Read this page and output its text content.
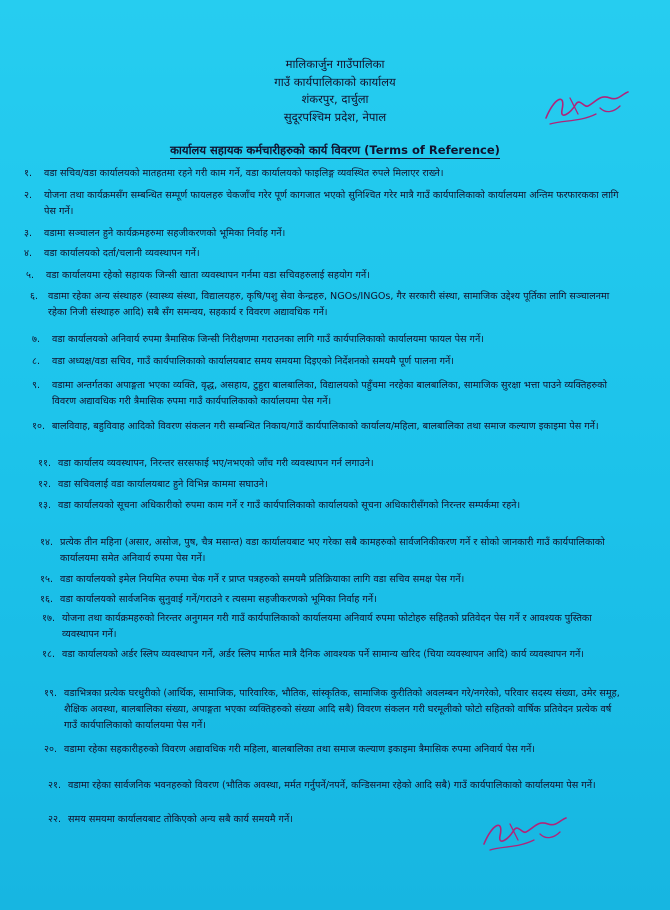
मालिकार्जुन गाउँपालिका
गाउँ कार्यपालिकाको कार्यालय
शंकरपुर, दार्चुला
सुदूरपश्चिम प्रदेश, नेपाल
कार्यालय सहायक कर्मचारीहरुको कार्य विवरण (Terms of Reference)
१. वडा सचिव/वडा कार्यालयको मातहतमा रहने गरी काम गर्ने, वडा कार्यालयको फाइलिङ्ग व्यवस्थित रुपले मिलाएर राख्ने।
२. योजना तथा कार्यक्रमसँग सम्बन्धित सम्पूर्ण फायलहरु चेकजाँच गरेर पूर्ण कागजात भएको सुनिश्चित गरेर मात्रै गाउँ कार्यपालिकाको कार्यालयमा अन्तिम फरफारकका लागि पेस गर्ने।
३. वडामा सञ्चालन हुने कार्यक्रमहरुमा सहजीकरणको भूमिका निर्वाह गर्ने।
४. वडा कार्यालयको दर्ता/चलानी व्यवस्थापन गर्ने।
५. वडा कार्यालयमा रहेको सहायक जिन्सी खाता व्यवस्थापन गर्नमा वडा सचिवहरुलाई सहयोग गर्ने।
६. वडामा रहेका अन्य संस्थाहरु (स्वास्थ्य संस्था, विद्यालयहरु, कृषि/पशु सेवा केन्द्रहरु, NGOs/INGOs, गैर सरकारी संस्था, सामाजिक उद्देश्य पूर्तिका लागि सञ्चालनमा रहेका निजी संस्थाहरु आदि) सबै सँग समन्वय, सहकार्य र विवरण अद्यावधिक गर्ने।
७. वडा कार्यालयको अनिवार्य रुपमा त्रैमासिक जिन्सी निरीक्षणमा गराउनका लागि गाउँ कार्यपालिकाको कार्यालयमा फायल पेस गर्ने।
८. वडा अध्यक्ष/वडा सचिव, गाउँ कार्यपालिकाको कार्यालयबाट समय समयमा दिइएको निर्देशनको समयमै पूर्ण पालना गर्ने।
९. वडामा अन्तर्गतका अपाङ्गता भएका व्यक्ति, वृद्ध, असहाय, टुहुरा बालबालिका, विद्यालयको पहुँचमा नरहेका बालबालिका, सामाजिक सुरक्षा भत्ता पाउने व्यक्तिहरुको विवरण अद्यावधिक गरी त्रैमासिक रुपमा गाउँ कार्यपालिकाको कार्यालयमा पेस गर्ने।
१०. बालविवाह, बहुविवाह आदिको विवरण संकलन गरी सम्बन्धित निकाय/गाउँ कार्यपालिकाको कार्यालय/महिला, बालबालिका तथा समाज कल्याण इकाइमा पेस गर्ने।
११. वडा कार्यालय व्यवस्थापन, निरन्तर सरसफाई भए/नभएको जाँच गरी व्यवस्थापन गर्न लगाउने।
१२. वडा सचिवलाई वडा कार्यालयबाट हुने विभिन्न काममा सघाउने।
१३. वडा कार्यालयको सूचना अधिकारीको रुपमा काम गर्ने र गाउँ कार्यपालिकाको कार्यालयको सूचना अधिकारीसँगको निरन्तर सम्पर्कमा रहने।
१४. प्रत्येक तीन महिना (असार, असोज, पुष, चैत्र मसान्त) वडा कार्यालयबाट भए गरेका सबै कामहरुको सार्वजनिकीकरण गर्ने र सोको जानकारी गाउँ कार्यपालिकाको कार्यालयमा समेत अनिवार्य रुपमा पेस गर्ने।
१५. वडा कार्यालयको इमेल नियमित रुपमा चेक गर्ने र प्राप्त पत्रहरुको समयमै प्रतिक्रियाका लागि वडा सचिव समक्ष पेस गर्ने।
१६. वडा कार्यालयको सार्वजनिक सुनुवाई गर्ने/गराउने र त्यसमा सहजीकरणको भूमिका निर्वाह गर्ने।
१७. योजना तथा कार्यक्रमहरुको निरन्तर अनुगमन गरी गाउँ कार्यपालिकाको कार्यालयमा अनिवार्य रुपमा फोटोहरु सहितको प्रतिवेदन पेस गर्ने र आवश्यक पुस्तिका व्यवस्थापन गर्ने।
१८. वडा कार्यालयको अर्डर स्लिप व्यवस्थापन गर्ने, अर्डर स्लिप मार्फत मात्रै दैनिक आवश्यक पर्ने सामान्य खरिद (चिया व्यवस्थापन आदि) कार्य व्यवस्थापन गर्ने।
१९. वडाभित्रका प्रत्येक घरधुरीको (आर्थिक, सामाजिक, पारिवारिक, भौतिक, सांस्कृतिक, सामाजिक कुरीतिको अवलम्बन गरे/नगरेको, परिवार सदस्य संख्या, उमेर समूह, शैक्षिक अवस्था, बालबालिका संख्या, अपाङ्गता भएका व्यक्तिहरुको संख्या आदि सबै) विवरण संकलन गरी घरमूलीको फोटो सहितको वार्षिक प्रतिवेदन प्रत्येक वर्ष गाउँ कार्यपालिकाको कार्यालयमा पेस गर्ने।
२०. वडामा रहेका सहकारीहरुको विवरण अद्यावधिक गरी महिला, बालबालिका तथा समाज कल्याण इकाइमा त्रैमासिक रुपमा अनिवार्य पेस गर्ने।
२१. वडामा रहेका सार्वजनिक भवनहरुको विवरण (भौतिक अवस्था, मर्मत गर्नुपर्ने/नपर्ने, कन्डिसनमा रहेको आदि सबै) गाउँ कार्यपालिकाको कार्यालयमा पेस गर्ने।
२२. समय समयमा कार्यालयबाट तोकिएको अन्य सबै कार्य समयमै गर्ने।
